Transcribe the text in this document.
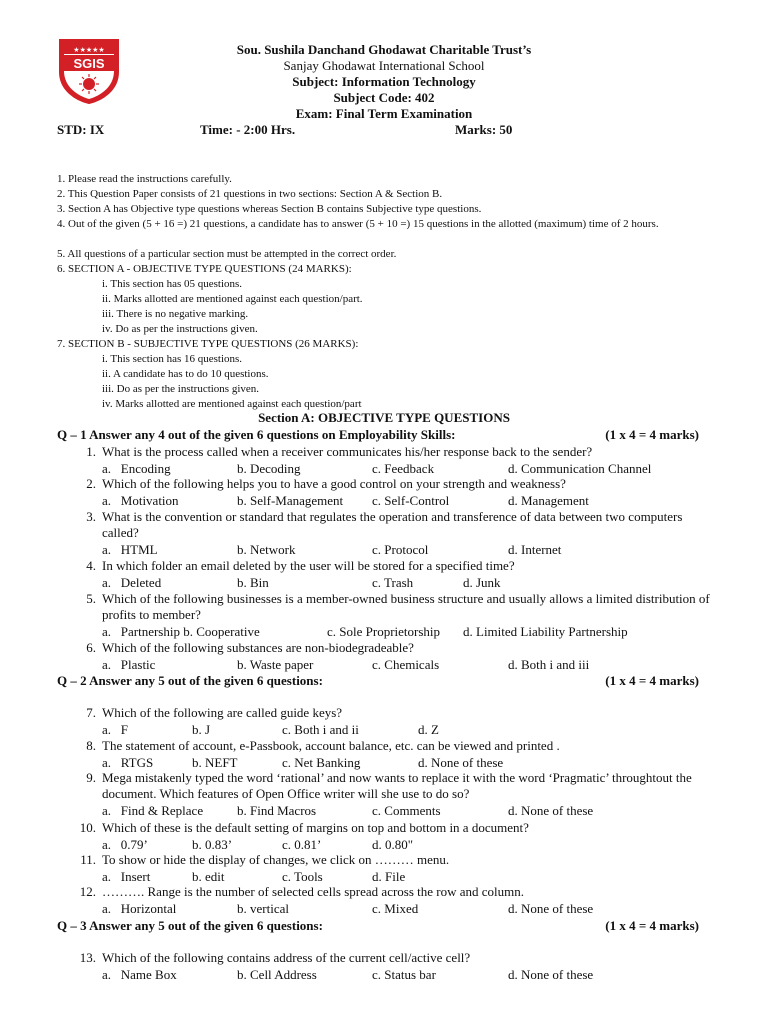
★★★★★
SGIS
Sou. Sushila Danchand Ghodawat Charitable Trust’s
Sanjay Ghodawat International School
Subject: Information Technology
Subject Code: 402
Exam: Final Term Examination
STD: IX	Time: - 2:00 Hrs.	Marks: 50
1. Please read the instructions carefully.
2. This Question Paper consists of 21 questions in two sections: Section A & Section B.
3. Section A has Objective type questions whereas Section B contains Subjective type questions.
4. Out of the given (5 + 16 =) 21 questions, a candidate has to answer (5 + 10 =) 15 questions in the allotted (maximum) time of 2 hours.
5. All questions of a particular section must be attempted in the correct order.
6. SECTION A - OBJECTIVE TYPE QUESTIONS (24 MARKS):
i. This section has 05 questions.
ii. Marks allotted are mentioned against each question/part.
iii. There is no negative marking.
iv. Do as per the instructions given.
7. SECTION B - SUBJECTIVE TYPE QUESTIONS (26 MARKS):
i. This section has 16 questions.
ii. A candidate has to do 10 questions.
iii. Do as per the instructions given.
iv. Marks allotted are mentioned against each question/part
Section A: OBJECTIVE TYPE QUESTIONS
Q – 1 Answer any 4 out of the given 6 questions on Employability Skills:	(1 x 4 = 4 marks)
Q – 2 Answer any 5 out of the given 6 questions:	(1 x 4 = 4 marks)
Q – 3 Answer any 5 out of the given 6 questions:	(1 x 4 = 4 marks)
1. What is the process called when a receiver communicates his/her response back to the sender?
a.   Encoding	b. Decoding	c. Feedback	d. Communication Channel
2. Which of the following helps you to have a good control on your strength and weakness?
a.   Motivation	b. Self-Management c. Self-Control	d. Management
3. What is the convention or standard that regulates the operation and transference of data between two computers called?
a.   HTML	b. Network	c. Protocol	d. Internet
4. In which folder an email deleted by the user will be stored for a specified time?
a.   Deleted	b. Bin	c. Trash	d. Junk
5. Which of the following businesses is a member-owned business structure and usually allows a limited distribution of profits to member?
a.   Partnership b. Cooperative	c. Sole Proprietorship d. Limited Liability Partnership
6. Which of the following substances are non-biodegradeable?
a.   Plastic	b. Waste paper	c. Chemicals	d. Both i and iii
7. Which of the following are called guide keys?
a.   F	b. J	c. Both i and ii	d. Z
8. The statement of account, e-Passbook, account balance, etc. can be viewed and printed .
a.   RTGS	b. NEFT	c. Net Banking	d. None of these
9. Mega mistakenly typed the word ‘rational’ and now wants to replace it with the word ‘Pragmatic’ throughtout the document. Which features of Open Office writer will she use to do so?
a.   Find & Replace	b. Find Macros	c. Comments	d. None of these
10. Which of these is the default setting of margins on top and bottom in a document?
a.   0.79’	b. 0.83’	c. 0.81’	d. 0.80"
11. To show or hide the display of changes, we click on ……… menu.
a.   Insert	b. edit	c. Tools	d. File
12. ………. Range is the number of selected cells spread across the row and column.
a.   Horizontal	b. vertical	c. Mixed	d. None of these
13. Which of the following contains address of the current cell/active cell?
a.   Name Box	b. Cell Address	c. Status bar	d. None of these
